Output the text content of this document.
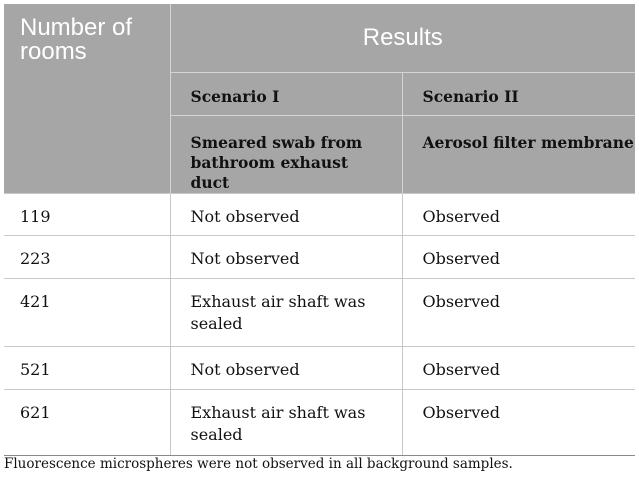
Number of rooms	Results	

	Scenario I	Scenario II

	Smeared swab from bathroom exhaust duct	Aerosol filter membrane

119	Not observed	Observed

223	Not observed	Observed

421	Exhaust air shaft was sealed	Observed

521	Not observed	Observed

621	Exhaust air shaft was sealed	Observed
Fluorescence microspheres were not observed in all background samples.
